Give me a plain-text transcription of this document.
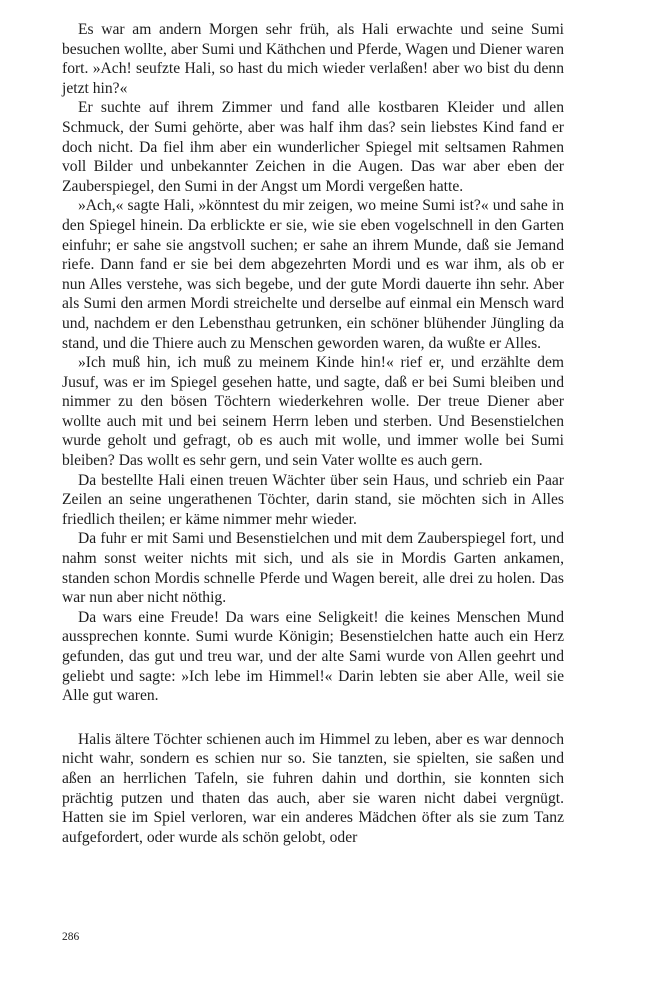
Es war am andern Morgen sehr früh, als Hali erwachte und seine Sumi besuchen wollte, aber Sumi und Käthchen und Pferde, Wagen und Diener waren fort. »Ach! seufzte Hali, so hast du mich wieder verlaßen! aber wo bist du denn jetzt hin?«

Er suchte auf ihrem Zimmer und fand alle kostbaren Kleider und allen Schmuck, der Sumi gehörte, aber was half ihm das? sein liebstes Kind fand er doch nicht. Da fiel ihm aber ein wunderlicher Spiegel mit seltsamen Rahmen voll Bilder und unbekannter Zeichen in die Augen. Das war aber eben der Zauberspiegel, den Sumi in der Angst um Mordi vergeßen hatte.

»Ach,« sagte Hali, »könntest du mir zeigen, wo meine Sumi ist?« und sahe in den Spiegel hinein. Da erblickte er sie, wie sie eben vogelschnell in den Garten einfuhr; er sahe sie angstvoll suchen; er sahe an ihrem Munde, daß sie Jemand riefe. Dann fand er sie bei dem abgezehrten Mordi und es war ihm, als ob er nun Alles verstehe, was sich begebe, und der gute Mordi dauerte ihn sehr. Aber als Sumi den armen Mordi streichelte und derselbe auf einmal ein Mensch ward und, nachdem er den Lebensthau getrunken, ein schöner blühender Jüngling da stand, und die Thiere auch zu Menschen geworden waren, da wußte er Alles.

»Ich muß hin, ich muß zu meinem Kinde hin!« rief er, und erzählte dem Jusuf, was er im Spiegel gesehen hatte, und sagte, daß er bei Sumi bleiben und nimmer zu den bösen Töchtern wiederkehren wolle. Der treue Diener aber wollte auch mit und bei seinem Herrn leben und sterben. Und Besenstielchen wurde geholt und gefragt, ob es auch mit wolle, und immer wolle bei Sumi bleiben? Das wollt es sehr gern, und sein Vater wollte es auch gern.

Da bestellte Hali einen treuen Wächter über sein Haus, und schrieb ein Paar Zeilen an seine ungerathenen Töchter, darin stand, sie möchten sich in Alles friedlich theilen; er käme nimmer mehr wieder.

Da fuhr er mit Sami und Besenstielchen und mit dem Zauberspiegel fort, und nahm sonst weiter nichts mit sich, und als sie in Mordis Garten ankamen, standen schon Mordis schnelle Pferde und Wagen bereit, alle drei zu holen. Das war nun aber nicht nöthig.

Da wars eine Freude! Da wars eine Seligkeit! die keines Menschen Mund aussprechen konnte. Sumi wurde Königin; Besenstielchen hatte auch ein Herz gefunden, das gut und treu war, und der alte Sami wurde von Allen geehrt und geliebt und sagte: »Ich lebe im Himmel!« Darin lebten sie aber Alle, weil sie Alle gut waren.

Halis ältere Töchter schienen auch im Himmel zu leben, aber es war dennoch nicht wahr, sondern es schien nur so. Sie tanzten, sie spielten, sie saßen und aßen an herrlichen Tafeln, sie fuhren dahin und dorthin, sie konnten sich prächtig putzen und thaten das auch, aber sie waren nicht dabei vergnügt. Hatten sie im Spiel verloren, war ein anderes Mädchen öfter als sie zum Tanz aufgefordert, oder wurde als schön gelobt, oder

286
